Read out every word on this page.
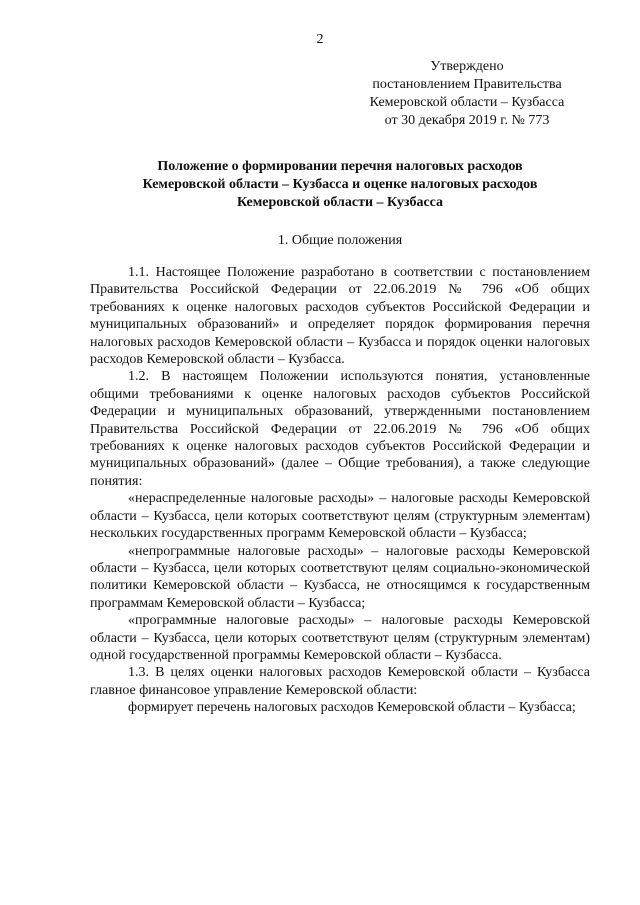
2
Утверждено
постановлением Правительства
Кемеровской области – Кузбасса
от 30 декабря 2019 г. № 773
Положение о формировании перечня налоговых расходов
Кемеровской области – Кузбасса и оценке налоговых расходов
Кемеровской области – Кузбасса
1. Общие положения

1.1. Настоящее Положение разработано в соответствии с постановлением Правительства Российской Федерации от 22.06.2019 № 796 «Об общих требованиях к оценке налоговых расходов субъектов Российской Федерации и муниципальных образований» и определяет порядок формирования перечня налоговых расходов Кемеровской области – Кузбасса и порядок оценки налоговых расходов Кемеровской области – Кузбасса.

1.2. В настоящем Положении используются понятия, установленные общими требованиями к оценке налоговых расходов субъектов Российской Федерации и муниципальных образований, утвержденными постановлением Правительства Российской Федерации от 22.06.2019 № 796 «Об общих требованиях к оценке налоговых расходов субъектов Российской Федерации и муниципальных образований» (далее – Общие требования), а также следующие понятия:

«нераспределенные налоговые расходы» – налоговые расходы Кемеровской области – Кузбасса, цели которых соответствуют целям (структурным элементам) нескольких государственных программ Кемеровской области – Кузбасса;

«непрограммные налоговые расходы» – налоговые расходы Кемеровской области – Кузбасса, цели которых соответствуют целям социально-экономической политики Кемеровской области – Кузбасса, не относящимся к государственным программам Кемеровской области – Кузбасса;

«программные налоговые расходы» – налоговые расходы Кемеровской области – Кузбасса, цели которых соответствуют целям (структурным элементам) одной государственной программы Кемеровской области – Кузбасса.

1.3. В целях оценки налоговых расходов Кемеровской области – Кузбасса главное финансовое управление Кемеровской области:

формирует перечень налоговых расходов Кемеровской области – Кузбасса;
